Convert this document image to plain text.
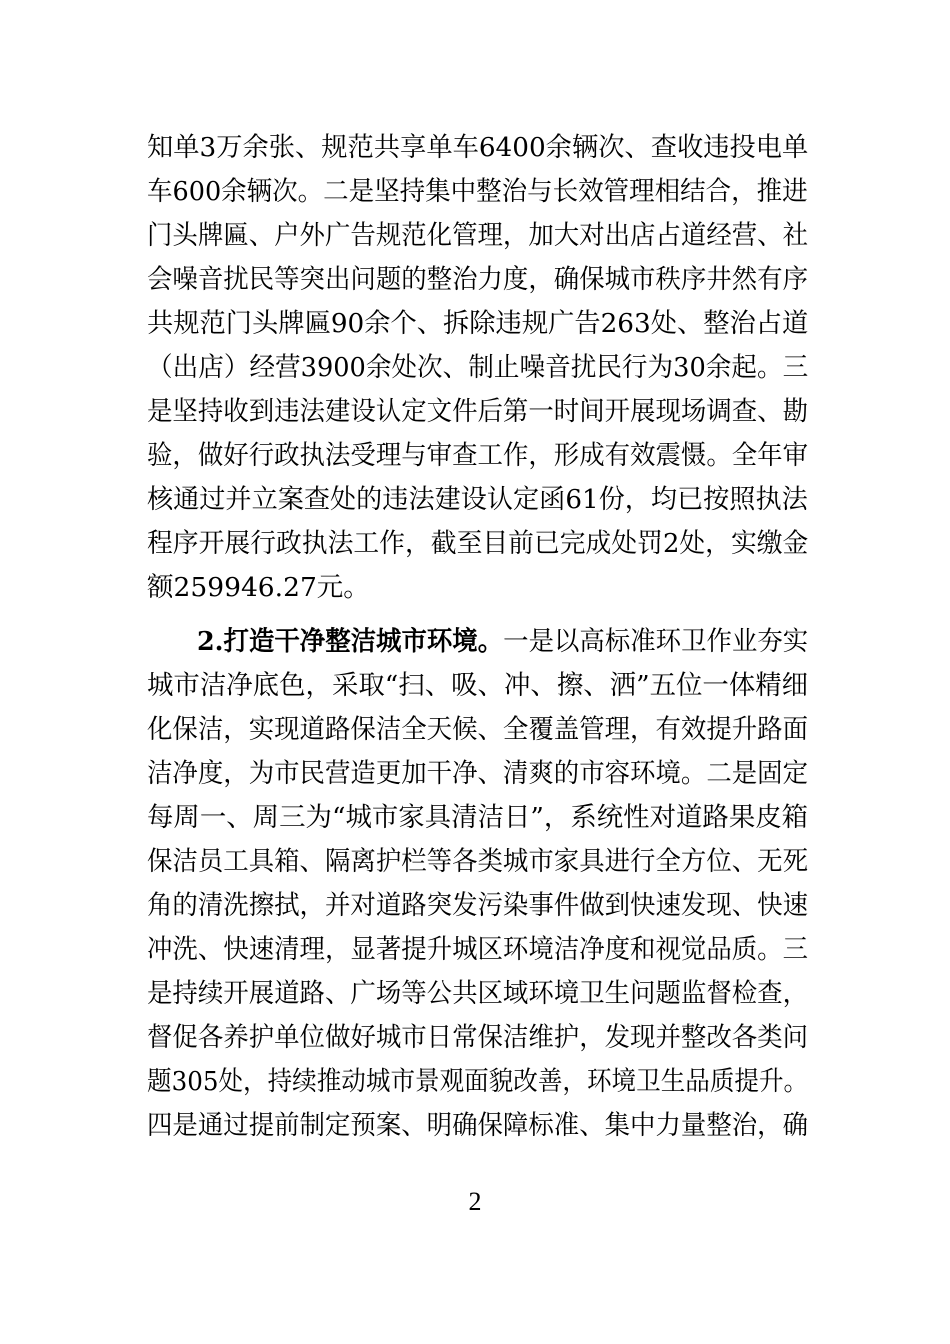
知单3万余张、规范共享单车6400余辆次、查收违投电单
车600余辆次。二是坚持集中整治与长效管理相结合，推进
门头牌匾、户外广告规范化管理，加大对出店占道经营、社
会噪音扰民等突出问题的整治力度，确保城市秩序井然有序
共规范门头牌匾90余个、拆除违规广告263处、整治占道
（出店）经营3900余处次、制止噪音扰民行为30余起。三
是坚持收到违法建设认定文件后第一时间开展现场调查、勘
验，做好行政执法受理与审查工作，形成有效震慑。全年审
核通过并立案查处的违法建设认定函61份，均已按照执法
程序开展行政执法工作，截至目前已完成处罚2处，实缴金
额259946.27元。
2.打造干净整洁城市环境。一是以高标准环卫作业夯实
城市洁净底色，采取“扫、吸、冲、擦、洒”五位一体精细
化保洁，实现道路保洁全天候、全覆盖管理，有效提升路面
洁净度，为市民营造更加干净、清爽的市容环境。二是固定
每周一、周三为“城市家具清洁日”，系统性对道路果皮箱
保洁员工具箱、隔离护栏等各类城市家具进行全方位、无死
角的清洗擦拭，并对道路突发污染事件做到快速发现、快速
冲洗、快速清理，显著提升城区环境洁净度和视觉品质。三
是持续开展道路、广场等公共区域环境卫生问题监督检查，
督促各养护单位做好城市日常保洁维护，发现并整改各类问
题305处，持续推动城市景观面貌改善，环境卫生品质提升。
四是通过提前制定预案、明确保障标准、集中力量整治，确
2
